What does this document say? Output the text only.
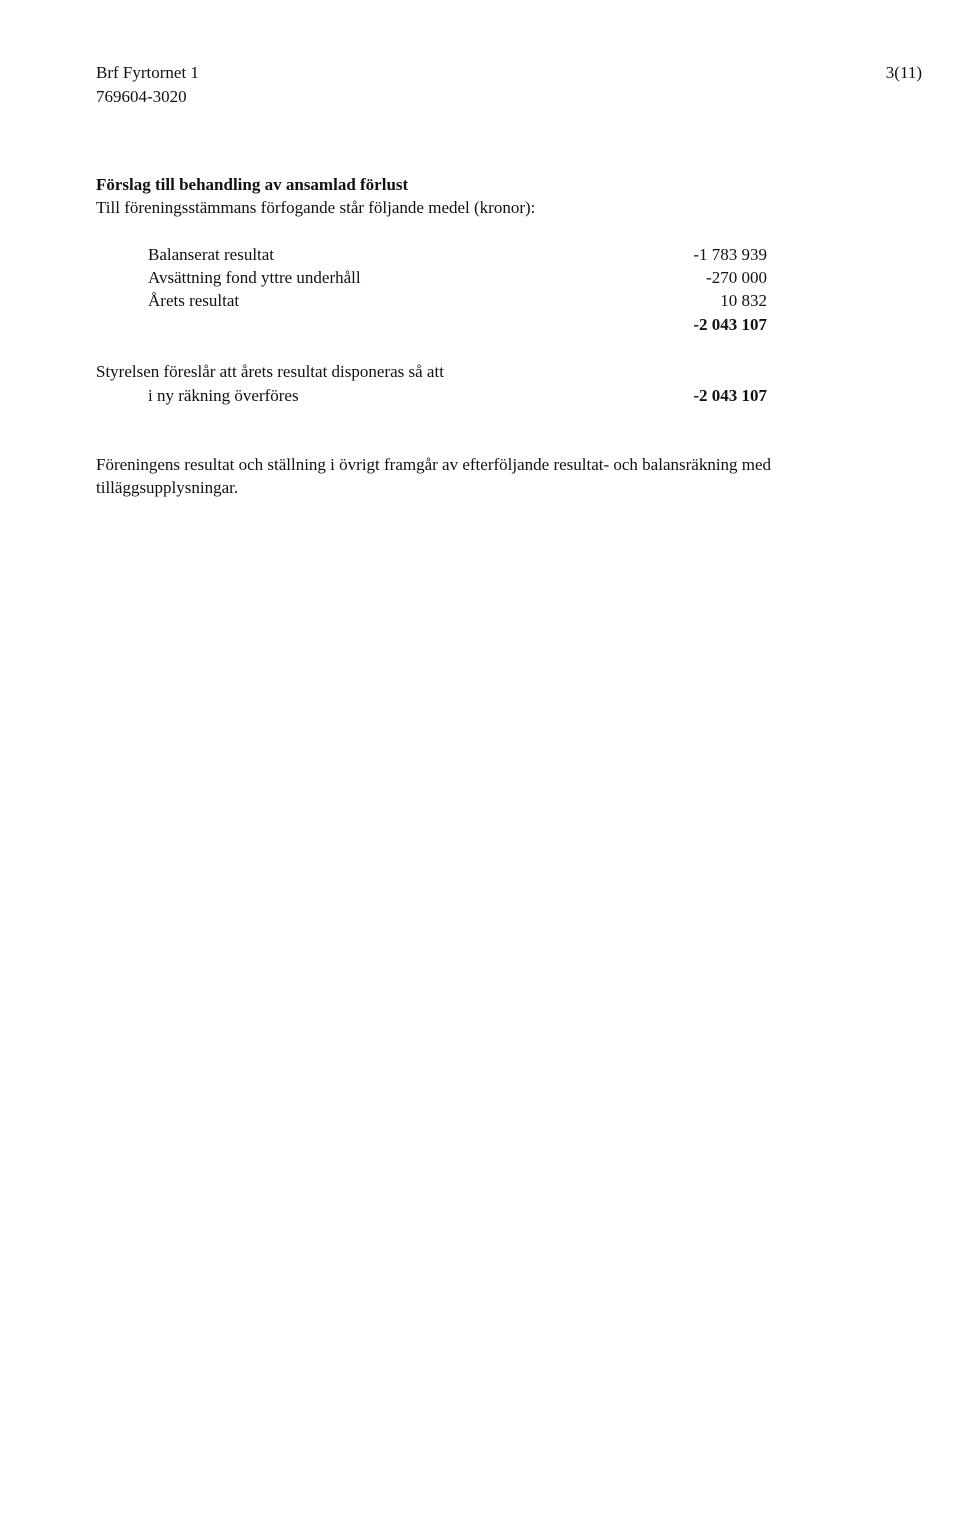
Brf Fyrtornet 1
769604-3020
3(11)
Förslag till behandling av ansamlad förlust
Till föreningsstämmans förfogande står följande medel (kronor):
Balanserat resultat	-1 783 939
Avsättning fond yttre underhåll	-270 000
Årets resultat	10 832
-2 043 107
Styrelsen föreslår att årets resultat disponeras så att
i ny räkning överföres	-2 043 107
Föreningens resultat och ställning i övrigt framgår av efterföljande resultat- och balansräkning med tilläggsupplysningar.
